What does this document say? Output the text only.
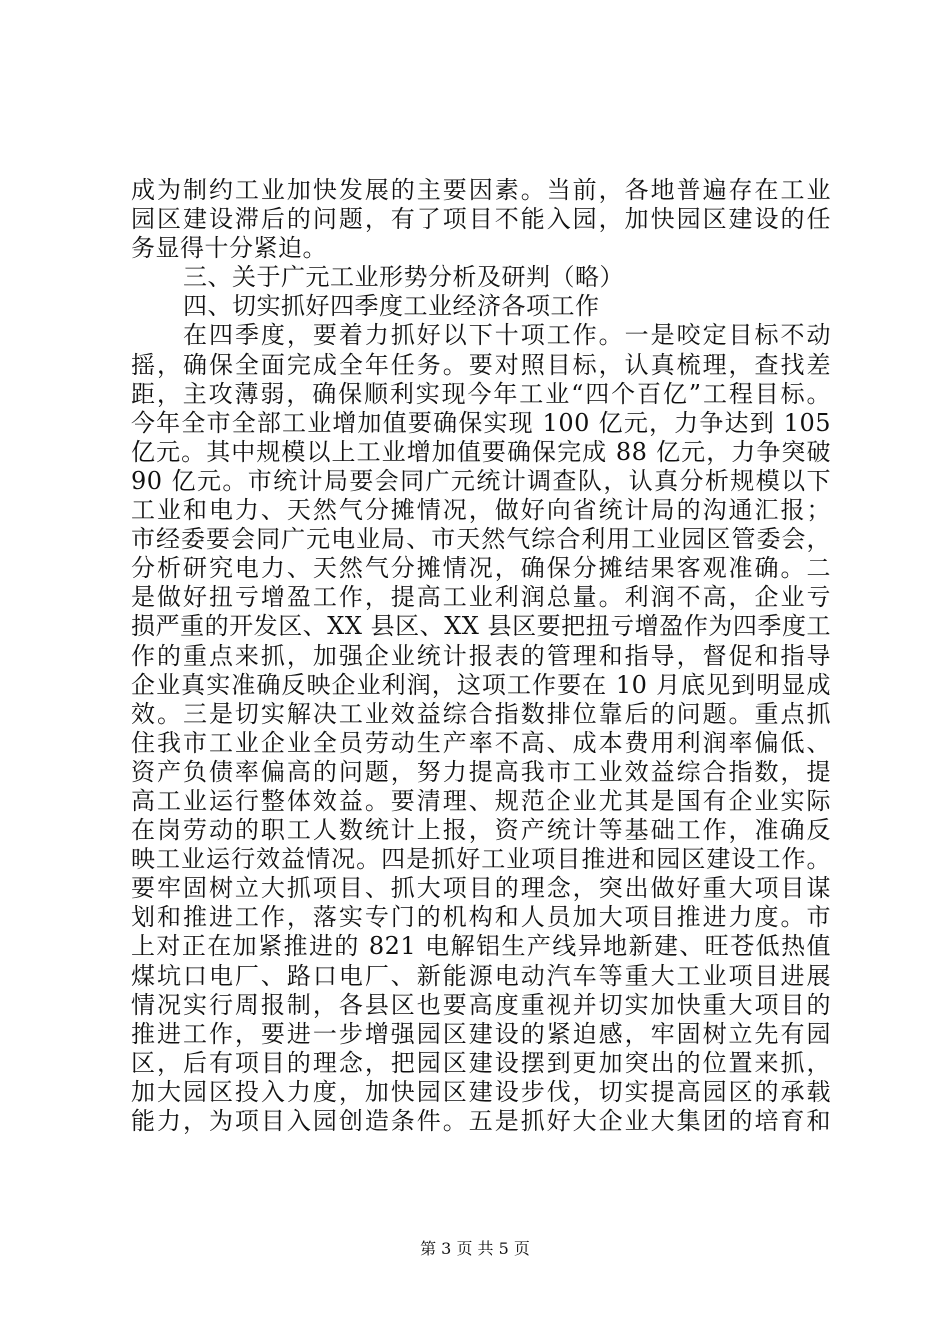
成为制约工业加快发展的主要因素。当前，各地普遍存在工业
园区建设滞后的问题，有了项目不能入园，加快园区建设的任
务显得十分紧迫。
三、关于广元工业形势分析及研判（略）
四、切实抓好四季度工业经济各项工作
在四季度，要着力抓好以下十项工作。一是咬定目标不动
摇，确保全面完成全年任务。要对照目标，认真梳理，查找差
距，主攻薄弱，确保顺利实现今年工业“四个百亿”工程目标。
今年全市全部工业增加值要确保实现 100 亿元，力争达到 105
亿元。其中规模以上工业增加值要确保完成 88 亿元，力争突破
90 亿元。市统计局要会同广元统计调查队，认真分析规模以下
工业和电力、天然气分摊情况，做好向省统计局的沟通汇报；
市经委要会同广元电业局、市天然气综合利用工业园区管委会，
分析研究电力、天然气分摊情况，确保分摊结果客观准确。二
是做好扭亏增盈工作，提高工业利润总量。利润不高，企业亏
损严重的开发区、XX 县区、XX 县区要把扭亏增盈作为四季度工
作的重点来抓，加强企业统计报表的管理和指导，督促和指导
企业真实准确反映企业利润，这项工作要在 10 月底见到明显成
效。三是切实解决工业效益综合指数排位靠后的问题。重点抓
住我市工业企业全员劳动生产率不高、成本费用利润率偏低、
资产负债率偏高的问题，努力提高我市工业效益综合指数，提
高工业运行整体效益。要清理、规范企业尤其是国有企业实际
在岗劳动的职工人数统计上报，资产统计等基础工作，准确反
映工业运行效益情况。四是抓好工业项目推进和园区建设工作。
要牢固树立大抓项目、抓大项目的理念，突出做好重大项目谋
划和推进工作，落实专门的机构和人员加大项目推进力度。市
上对正在加紧推进的 821 电解铝生产线异地新建、旺苍低热值
煤坑口电厂、路口电厂、新能源电动汽车等重大工业项目进展
情况实行周报制，各县区也要高度重视并切实加快重大项目的
推进工作，要进一步增强园区建设的紧迫感，牢固树立先有园
区，后有项目的理念，把园区建设摆到更加突出的位置来抓，
加大园区投入力度，加快园区建设步伐，切实提高园区的承载
能力，为项目入园创造条件。五是抓好大企业大集团的培育和
第 3 页 共 5 页
